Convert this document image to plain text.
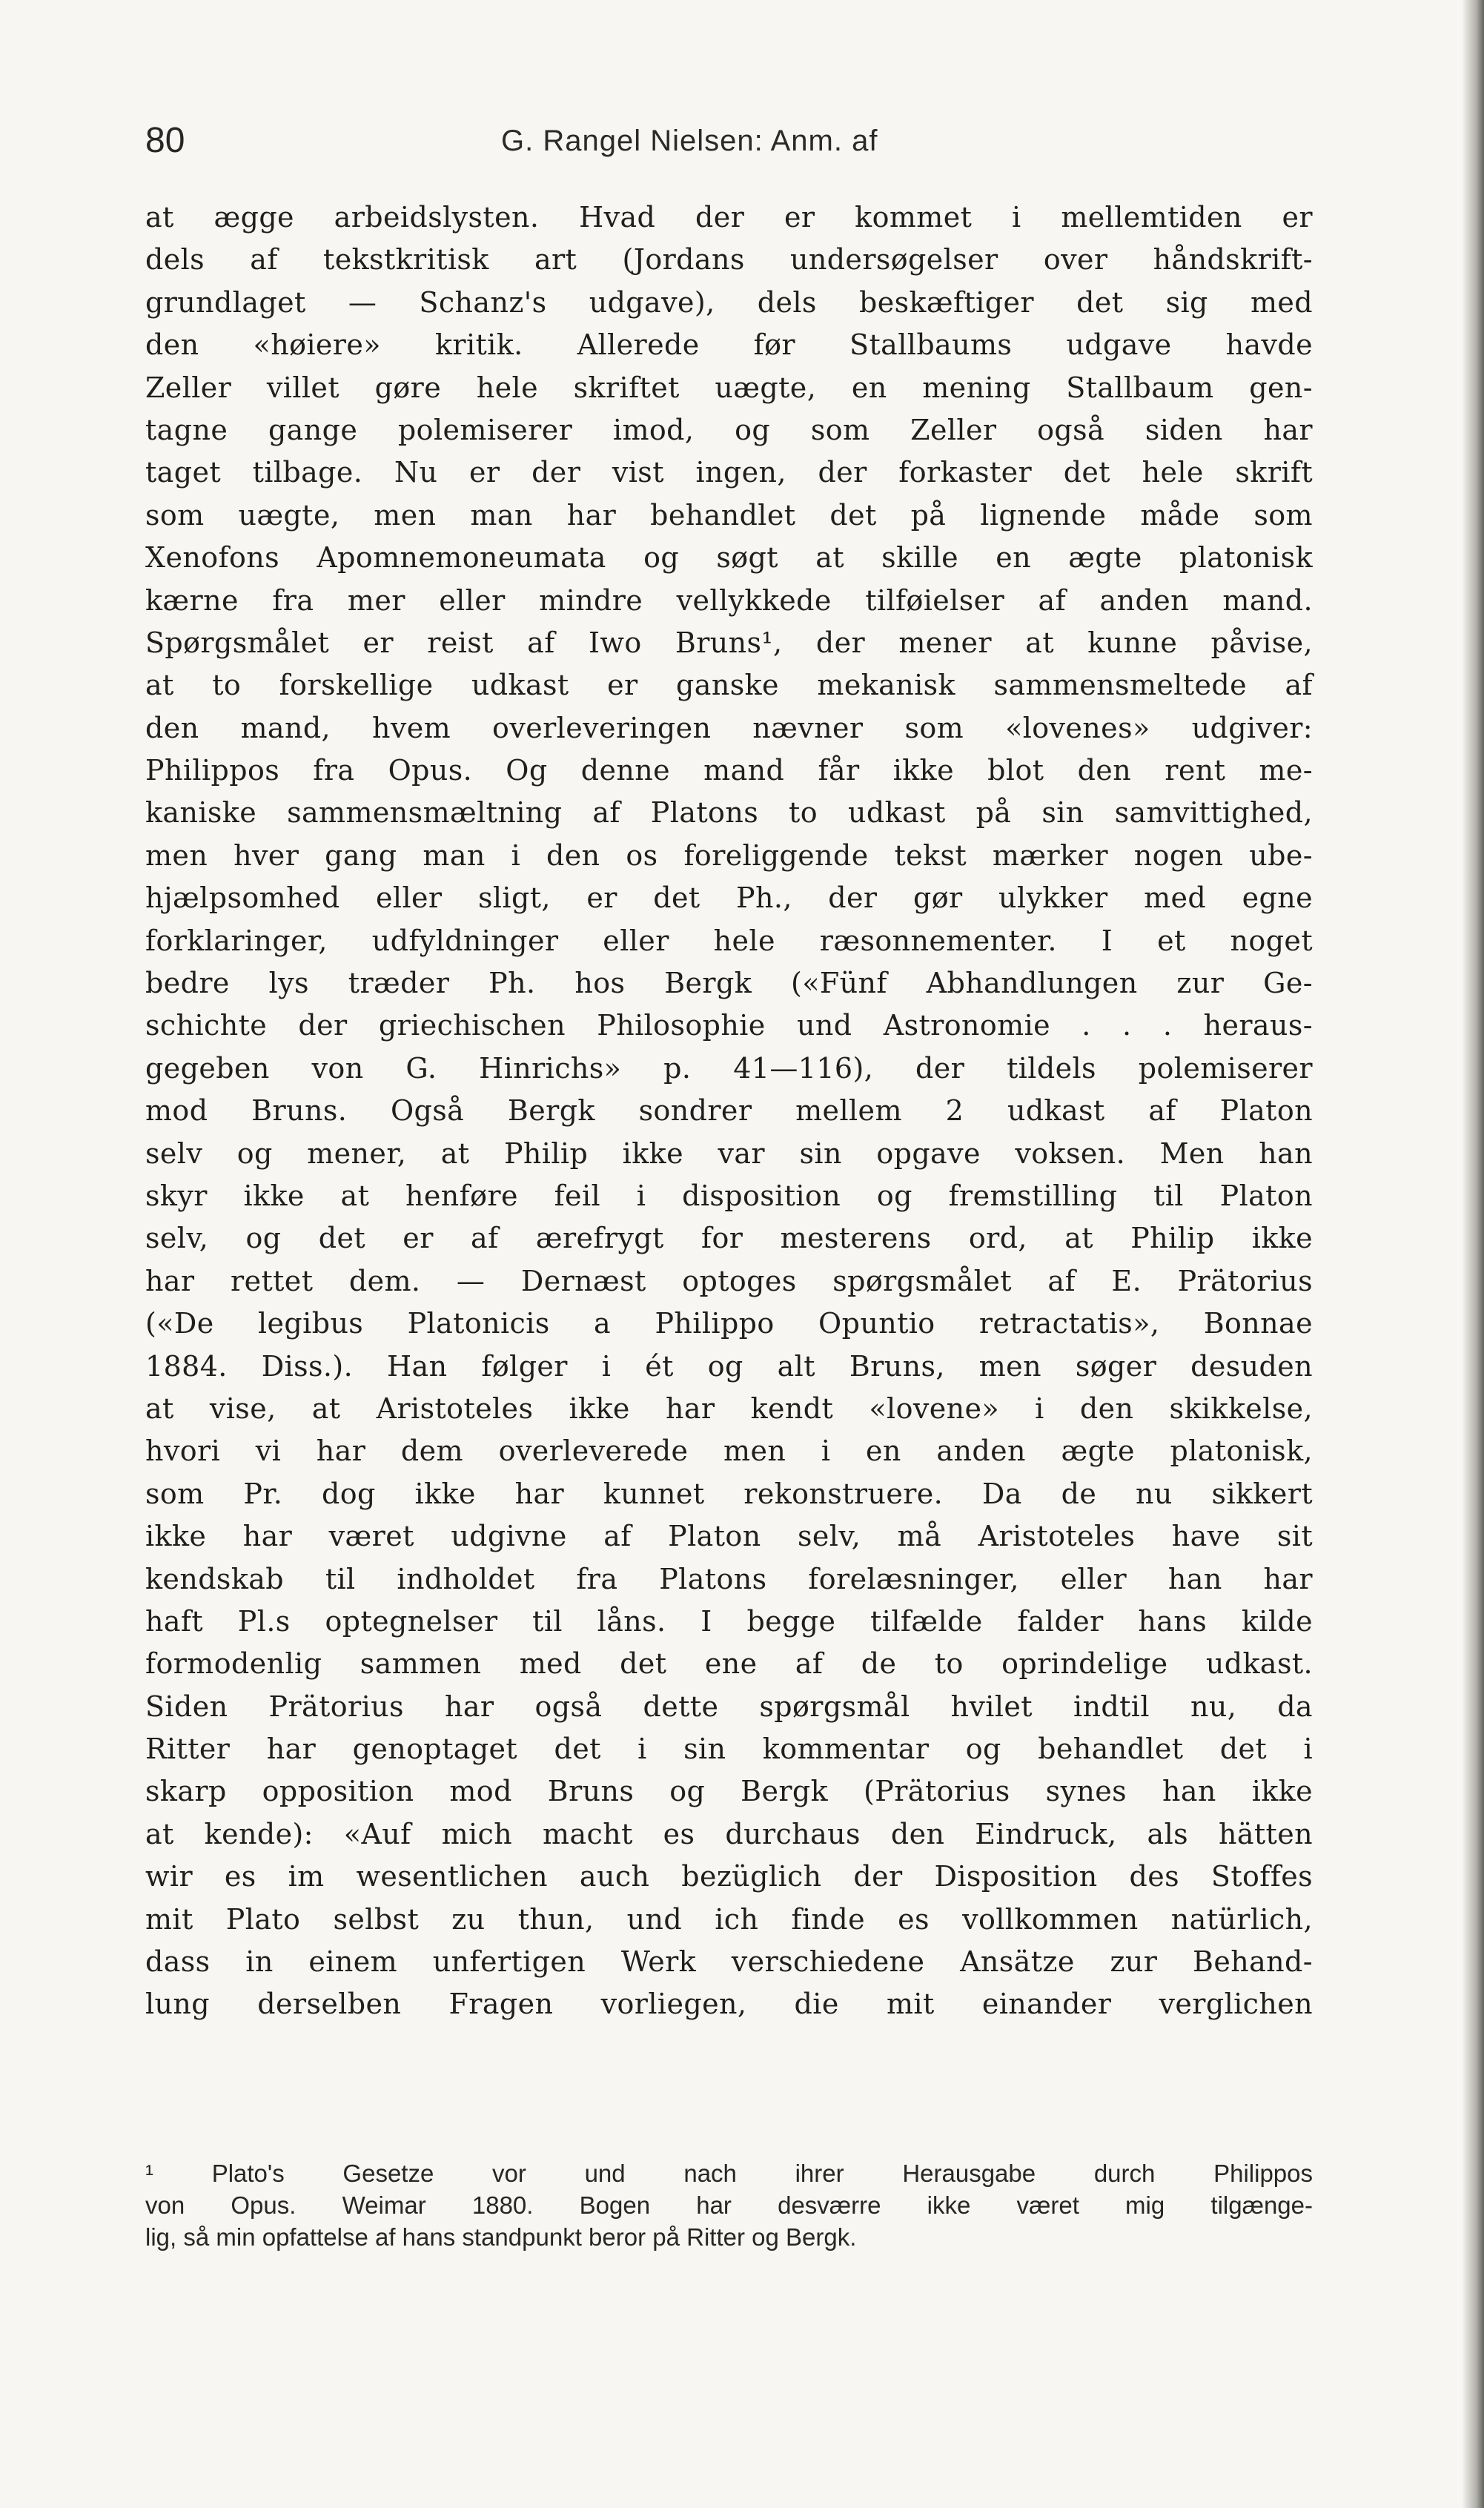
80	G. Rangel Nielsen: Anm. af
at ægge arbeidslysten. Hvad der er kommet i mellemtiden er
dels af tekstkritisk art (Jordans undersøgelser over håndskrift-
grundlaget — Schanz's udgave), dels beskæftiger det sig med
den «høiere» kritik. Allerede før Stallbaums udgave havde
Zeller villet gøre hele skriftet uægte, en mening Stallbaum gen-
tagne gange polemiserer imod, og som Zeller også siden har
taget tilbage. Nu er der vist ingen, der forkaster det hele skrift
som uægte, men man har behandlet det på lignende måde som
Xenofons Apomnemoneumata og søgt at skille en ægte platonisk
kærne fra mer eller mindre vellykkede tilføielser af anden mand.
Spørgsmålet er reist af Iwo Bruns¹, der mener at kunne påvise,
at to forskellige udkast er ganske mekanisk sammensmeltede af
den mand, hvem overleveringen nævner som «lovenes» udgiver:
Philippos fra Opus. Og denne mand får ikke blot den rent me-
kaniske sammensmæltning af Platons to udkast på sin samvittighed,
men hver gang man i den os foreliggende tekst mærker nogen ube-
hjælpsomhed eller sligt, er det Ph., der gør ulykker med egne
forklaringer, udfyldninger eller hele ræsonnementer. I et noget
bedre lys træder Ph. hos Bergk («Fünf Abhandlungen zur Ge-
schichte der griechischen Philosophie und Astronomie . . . heraus-
gegeben von G. Hinrichs» p. 41—116), der tildels polemiserer
mod Bruns. Også Bergk sondrer mellem 2 udkast af Platon
selv og mener, at Philip ikke var sin opgave voksen. Men han
skyr ikke at henføre feil i disposition og fremstilling til Platon
selv, og det er af ærefrygt for mesterens ord, at Philip ikke
har rettet dem. — Dernæst optoges spørgsmålet af E. Prätorius
(«De legibus Platonicis a Philippo Opuntio retractatis», Bonnae
1884. Diss.). Han følger i ét og alt Bruns, men søger desuden
at vise, at Aristoteles ikke har kendt «lovene» i den skikkelse,
hvori vi har dem overleverede men i en anden ægte platonisk,
som Pr. dog ikke har kunnet rekonstruere. Da de nu sikkert
ikke har været udgivne af Platon selv, må Aristoteles have sit
kendskab til indholdet fra Platons forelæsninger, eller han har
haft Pl.s optegnelser til låns. I begge tilfælde falder hans kilde
formodenlig sammen med det ene af de to oprindelige udkast.
Siden Prätorius har også dette spørgsmål hvilet indtil nu, da
Ritter har genoptaget det i sin kommentar og behandlet det i
skarp opposition mod Bruns og Bergk (Prätorius synes han ikke
at kende): «Auf mich macht es durchaus den Eindruck, als hätten
wir es im wesentlichen auch bezüglich der Disposition des Stoffes
mit Plato selbst zu thun, und ich finde es vollkommen natürlich,
dass in einem unfertigen Werk verschiedene Ansätze zur Behand-
lung derselben Fragen vorliegen, die mit einander verglichen
¹ Plato's Gesetze vor und nach ihrer Herausgabe durch Philippos
von Opus. Weimar 1880. Bogen har desværre ikke været mig tilgænge-
lig, så min opfattelse af hans standpunkt beror på Ritter og Bergk.
